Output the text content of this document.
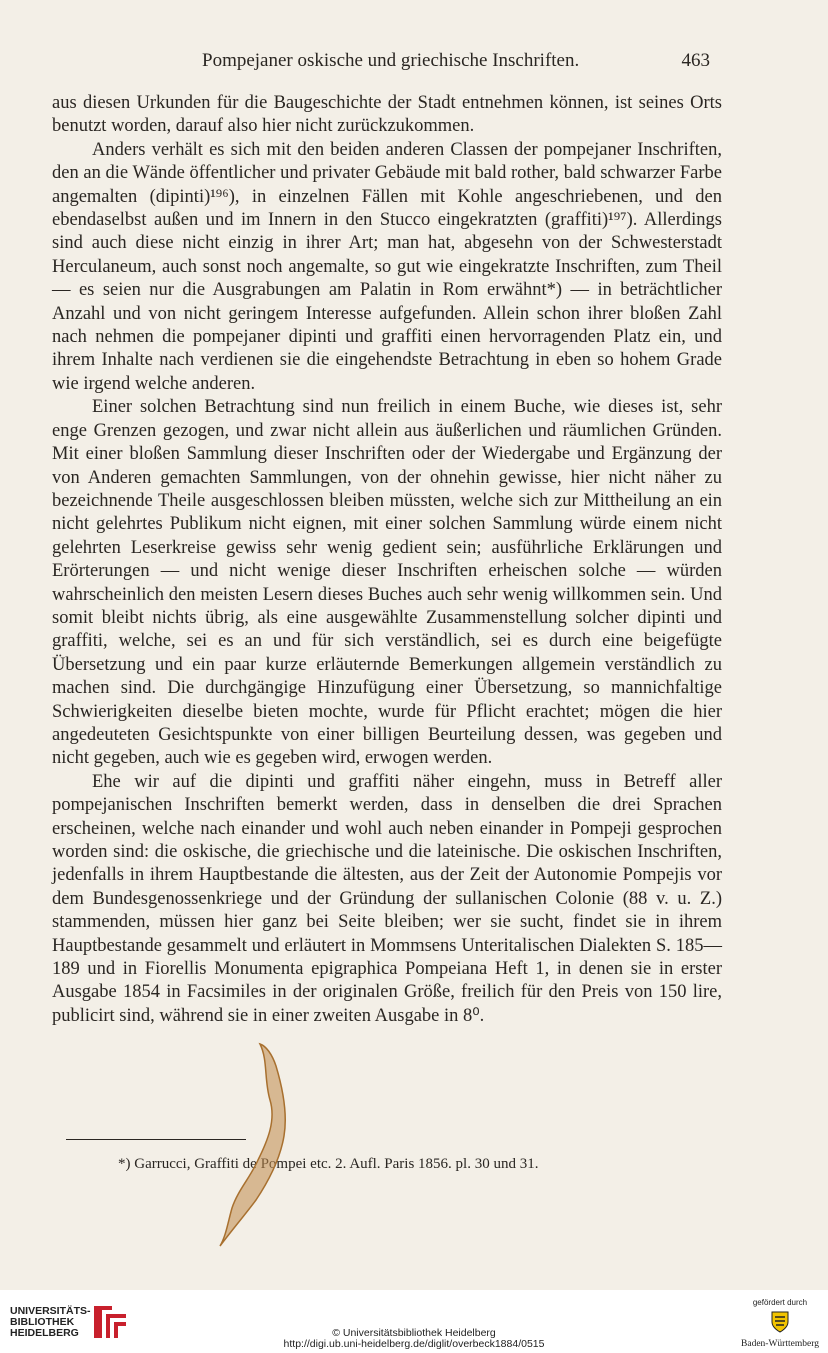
Pompejaner oskische und griechische Inschriften.	463

aus diesen Urkunden für die Baugeschichte der Stadt entnehmen können, ist seines Orts benutzt worden, darauf also hier nicht zurückzukommen.

Anders verhält es sich mit den beiden anderen Classen der pompejaner Inschriften, den an die Wände öffentlicher und privater Gebäude mit bald rother, bald schwarzer Farbe angemalten (dipinti)¹⁹⁶), in einzelnen Fällen mit Kohle angeschriebenen, und den ebendaselbst außen und im Innern in den Stucco eingekratzten (graffiti)¹⁹⁷). Allerdings sind auch diese nicht einzig in ihrer Art; man hat, abgesehn von der Schwesterstadt Herculaneum, auch sonst noch angemalte, so gut wie eingekratzte Inschriften, zum Theil — es seien nur die Ausgrabungen am Palatin in Rom erwähnt*) — in beträchtlicher Anzahl und von nicht geringem Interesse aufgefunden. Allein schon ihrer bloßen Zahl nach nehmen die pompejaner dipinti und graffiti einen hervorragenden Platz ein, und ihrem Inhalte nach verdienen sie die eingehendste Betrachtung in eben so hohem Grade wie irgend welche anderen.

Einer solchen Betrachtung sind nun freilich in einem Buche, wie dieses ist, sehr enge Grenzen gezogen, und zwar nicht allein aus äußerlichen und räumlichen Gründen. Mit einer bloßen Sammlung dieser Inschriften oder der Wiedergabe und Ergänzung der von Anderen gemachten Sammlungen, von der ohnehin gewisse, hier nicht näher zu bezeichnende Theile ausgeschlossen bleiben müssten, welche sich zur Mittheilung an ein nicht gelehrtes Publikum nicht eignen, mit einer solchen Sammlung würde einem nicht gelehrten Leserkreise gewiss sehr wenig gedient sein; ausführliche Erklärungen und Erörterungen — und nicht wenige dieser Inschriften erheischen solche — würden wahrscheinlich den meisten Lesern dieses Buches auch sehr wenig willkommen sein. Und somit bleibt nichts übrig, als eine ausgewählte Zusammenstellung solcher dipinti und graffiti, welche, sei es an und für sich verständlich, sei es durch eine beigefügte Übersetzung und ein paar kurze erläuternde Bemerkungen allgemein verständlich zu machen sind. Die durchgängige Hinzufügung einer Übersetzung, so mannichfaltige Schwierigkeiten dieselbe bieten mochte, wurde für Pflicht erachtet; mögen die hier angedeuteten Gesichtspunkte von einer billigen Beurteilung dessen, was gegeben und nicht gegeben, auch wie es gegeben wird, erwogen werden.

Ehe wir auf die dipinti und graffiti näher eingehn, muss in Betreff aller pompejanischen Inschriften bemerkt werden, dass in denselben die drei Sprachen erscheinen, welche nach einander und wohl auch neben einander in Pompeji gesprochen worden sind: die oskische, die griechische und die lateinische. Die oskischen Inschriften, jedenfalls in ihrem Hauptbestande die ältesten, aus der Zeit der Autonomie Pompejis vor dem Bundesgenossenkriege und der Gründung der sullanischen Colonie (88 v. u. Z.) stammenden, müssen hier ganz bei Seite bleiben; wer sie sucht, findet sie in ihrem Hauptbestande gesammelt und erläutert in Mommsens Unteritalischen Dialekten S. 185—189 und in Fiorellis Monumenta epigraphica Pompeiana Heft 1, in denen sie in erster Ausgabe 1854 in Facsimiles in der originalen Größe, freilich für den Preis von 150 lire, publicirt sind, während sie in einer zweiten Ausgabe in 8⁰.

*) Garrucci, Graffiti de Pompei etc. 2. Aufl. Paris 1856. pl. 30 und 31.
UNIVERSITÄTS- BIBLIOTHEK HEIDELBERG	© Universitätsbibliothek Heidelberg
http://digi.ub.uni-heidelberg.de/diglit/overbeck1884/0515
gefördert durch
Baden-Württemberg
